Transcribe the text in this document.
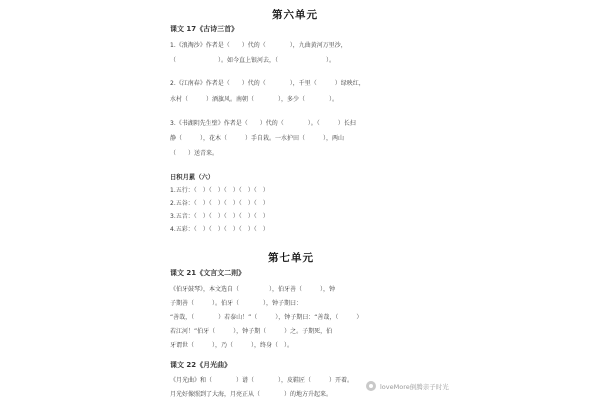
第六单元
课文 17《古诗三首》
1.《浪淘沙》作者是（　　）代的（　　　　），九曲黄河万里沙，
（　　　　　　　）。如今直上银河去，（　　　　　　　　）。
2.《江南春》作者是（　　）代的（　　　　），千里（　　　）绿映红，
水村（　　　）酒旗风。南朝（　　　　），多少（　　　　）。
3.《书湖阴先生壁》作者是（　　）代的（　　　　）。（　　　）长扫
静（　　　），花木（　　　）手自栽。一水护田（　　　），两山
（　　）送青来。
日积月累（六）
1.五行：（　）（　）（　）（　）（　）
2.五谷：（　）（　）（　）（　）（　）
3.五音：（　）（　）（　）（　）（　）
4.五彩：（　）（　）（　）（　）（　）
第七单元
课文 21《文言文二则》
《伯牙鼓琴》，本文选自（　　　　　），伯牙善（　　　），钟
子期善（　　　）。伯牙（　　　　），钟子期曰：
“善哉，（　　　　）若泰山！”（　　　），钟子期曰：“善哉，（　　　）
若江河！”伯牙（　　　），钟子期（　　　）之。子期死，伯
牙谓世（　　　），乃（　　　），终身（　）。
课文 22《月光曲》
《月光曲》和（　　　　）谱（　　　　），皮鞋匠（　　　）开着。
月光好像照到了大海，月亮正从（　　　　）的地方升起来。
loveMore倒腾亲子时光
